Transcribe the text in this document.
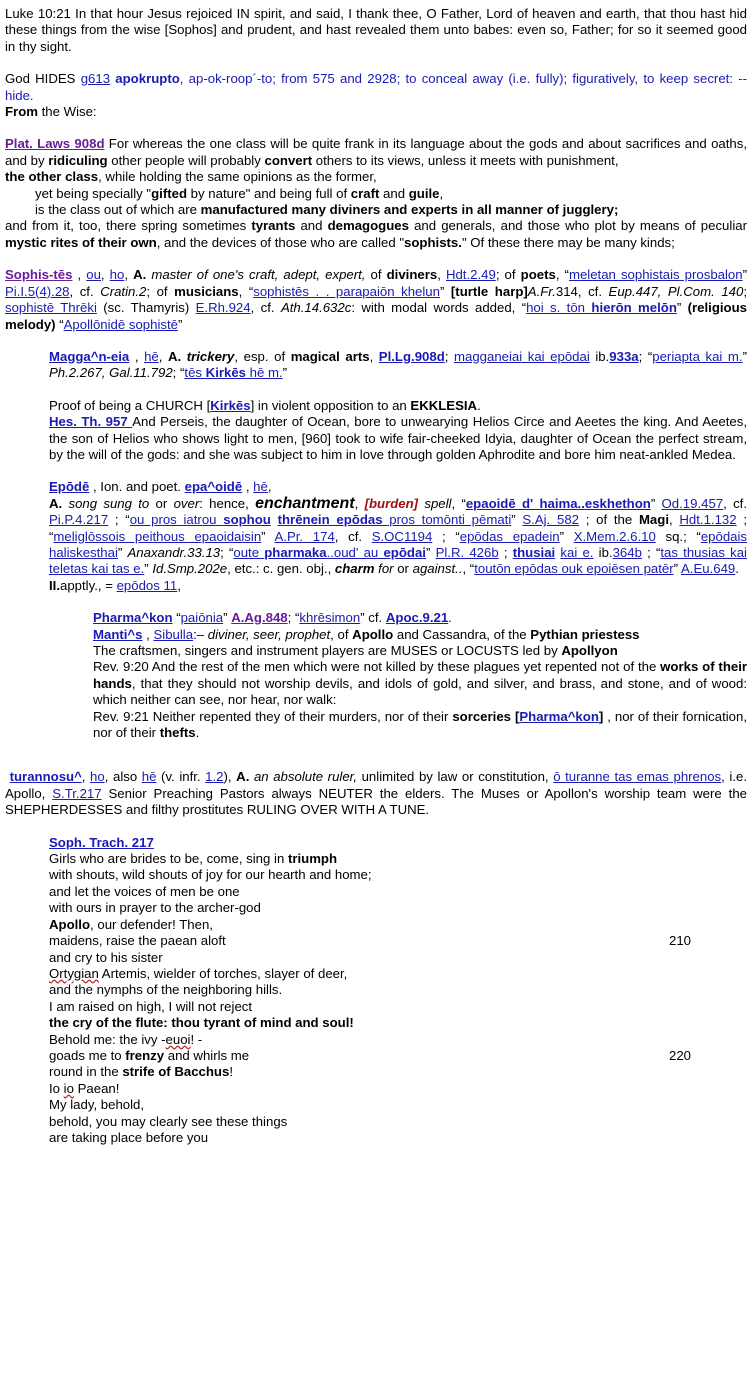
Luke 10:21 In that hour Jesus rejoiced IN spirit, and said, I thank thee, O Father, Lord of heaven and earth, that thou hast hid these things from the wise [Sophos] and prudent, and hast revealed them unto babes: even so, Father; for so it seemed good in thy sight.

God HIDES g613 apokrupto, ap-ok-roop´-to; from 575 and 2928; to conceal away (i.e. fully); figuratively, to keep secret: -- hide.
From the Wise:

Plat. Laws 908d For whereas the one class will be quite frank in its language about the gods and about sacrifices and oaths, and by ridiculing other people will probably convert others to its views, unless it meets with punishment,
the other class, while holding the same opinions as the former,

yet being specially "gifted by nature" and being full of craft and guile,
is the class out of which are manufactured many diviners and experts in all manner of jugglery;
and from it, too, there spring sometimes tyrants and demagogues and generals, and those who plot by means of peculiar mystic rites of their own, and the devices of those who are called "sophists." Of these there may be many kinds;

Sophis-tēs , ou, ho, A. master of one's craft, adept, expert, of diviners, Hdt.2.49; of poets, “meletan sophistais prosbalon” Pi.I.5(4).28, cf. Cratin.2; of musicians, “sophistēs . . parapaiōn khelun” [turtle harp]A.Fr.314, cf. Eup.447, Pl.Com. 140; sophistē Thrēki (sc. Thamyris) E.Rh.924, cf. Ath.14.632c: with modal words added, “hoi s. tōn hierōn melōn” (religious melody) “Apollōnidē sophistē”

Magga^n-eia , hē, A. trickery, esp. of magical arts, Pl.Lg.908d; magganeiai kai epōdai ib.933a; “periapta kai m.” Ph.2.267, Gal.11.792; “tēs Kirkēs hē m.”

Proof of being a CHURCH [Kirkēs] in violent opposition to an EKKLESIA.
Hes. Th. 957 And Perseis, the daughter of Ocean, bore to unwearying Helios Circe and Aeetes the king. And Aeetes, the son of Helios who shows light to men, [960] took to wife fair-cheeked Idyia, daughter of Ocean the perfect stream, by the will of the gods: and she was subject to him in love through golden Aphrodite and bore him neat-ankled Medea.

Epōdē , Ion. and poet. epa^oidē , hē,
A. song sung to or over: hence, enchantment, [burden] spell, “epaoidē d' haima..eskhethon” Od.19.457, cf. Pi.P.4.217 ; “ou pros iatrou sophou thrēnein epōdas pros tomōnti pēmati” S.Aj. 582 ; of the Magi, Hdt.1.132 ; “meliglōssois peithous epaoidaisin” A.Pr. 174, cf. S.OC1194 ; “epōdas epadein” X.Mem.2.6.10 sq.; “epōdais haliskesthai” Anaxandr.33.13; “oute pharmaka..oud' au epōdai” Pl.R. 426b ; thusiai kai e. ib.364b ; “tas thusias kai teletas kai tas e.” Id.Smp.202e, etc.: c. gen. obj., charm for or against.., “toutōn epōdas ouk epoiēsen patēr” A.Eu.649.
II.apptly., = epōdos 11,

Pharma^kon “paiōnia” A.Ag.848; “khrēsimon” cf. Apoc.9.21.
Manti^s , Sibulla:– diviner, seer, prophet, of Apollo and Cassandra, of the Pythian priestess
The craftsmen, singers and instrument players are MUSES or LOCUSTS led by Apollyon
Rev. 9:20 And the rest of the men which were not killed by these plagues yet repented not of the works of their hands, that they should not worship devils, and idols of gold, and silver, and brass, and stone, and of wood: which neither can see, nor hear, nor walk:
Rev. 9:21 Neither repented they of their murders, nor of their sorceries [Pharma^kon] , nor of their fornication, nor of their thefts.

turannosu^, ho, also hē (v. infr. 1.2), A. an absolute ruler, unlimited by law or constitution, ō turanne tas emas phrenos, i.e. Apollo, S.Tr.217 Senior Preaching Pastors always NEUTER the elders. The Muses or Apollon's worship team were the SHEPHERDESSES and filthy prostitutes RULING OVER WITH A TUNE.

Soph. Trach. 217

Girls who are brides to be, come, sing in triumph

with shouts, wild shouts of joy for our hearth and home;

and let the voices of men be one

with ours in prayer to the archer-god

Apollo, our defender! Then,

maidens, raise the paean aloft	210

and cry to his sister

Ortygian Artemis, wielder of torches, slayer of deer,

and the nymphs of the neighboring hills.

I am raised on high, I will not reject

the cry of the flute: thou tyrant of mind and soul!

Behold me: the ivy -euoi! -

goads me to frenzy and whirls me	220

round in the strife of Bacchus!

Io io Paean!

My lady, behold,

behold, you may clearly see these things

are taking place before you
